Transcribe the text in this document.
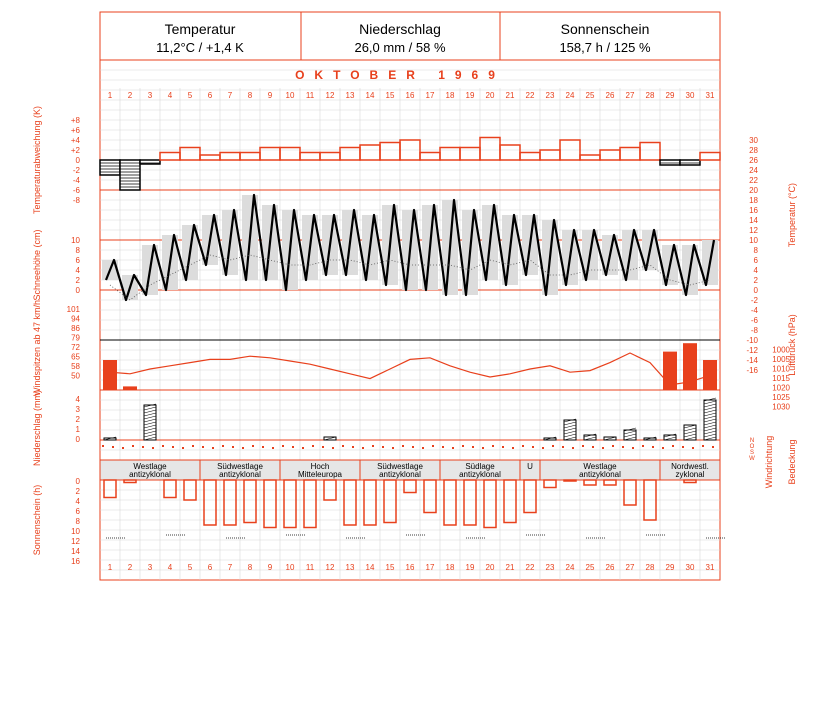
1
1
2
2
3
3
4
4
5
5
6
6
7
7
8
8
9
9
10
10
11
11
12
12
13
13
14
14
15
15
16
16
17
17
18
18
19
19
20
20
21
21
22
22
23
23
24
24
25
25
26
26
27
27
28
28
29
29
30
30
31
31
+8
+6
+4
+2
0
-2
-4
-6
-8
30
28
26
24
22
20
18
16
14
12
10
8
6
4
2
0
-2
-4
-6
-8
-10
-12
-14
-16
10
8
6
4
2
0
101
94
86
79
72
65
58
50
1030
1025
1020
1015
1010
1005
1000
4
3
2
1
0	N
O
S
W
Westlage
antizyklonal
Südwestlage
antizyklonal
Hoch
Mitteleuropa
Südwestlage
antizyklonal
Südlage
antizyklonal
U	Westlage
antizyklonal
Nordwestl.
zyklonal
0
2
4
6
8
10
12
14
16
Temperaturabweichung (K)
Schneehöhe (cm)
Windspitzen ab 47 km/h
Niederschlag (mm)
Sonnenschein (h)
Temperatur (°C)
Luftdruck (hPa)
Windrichtung Bedeckung
Temperatur
11,2°C / +1,4 K
Niederschlag
26,0 mm / 58 %
Sonnenschein
158,7 h / 125 %
OKTOBER 1969
